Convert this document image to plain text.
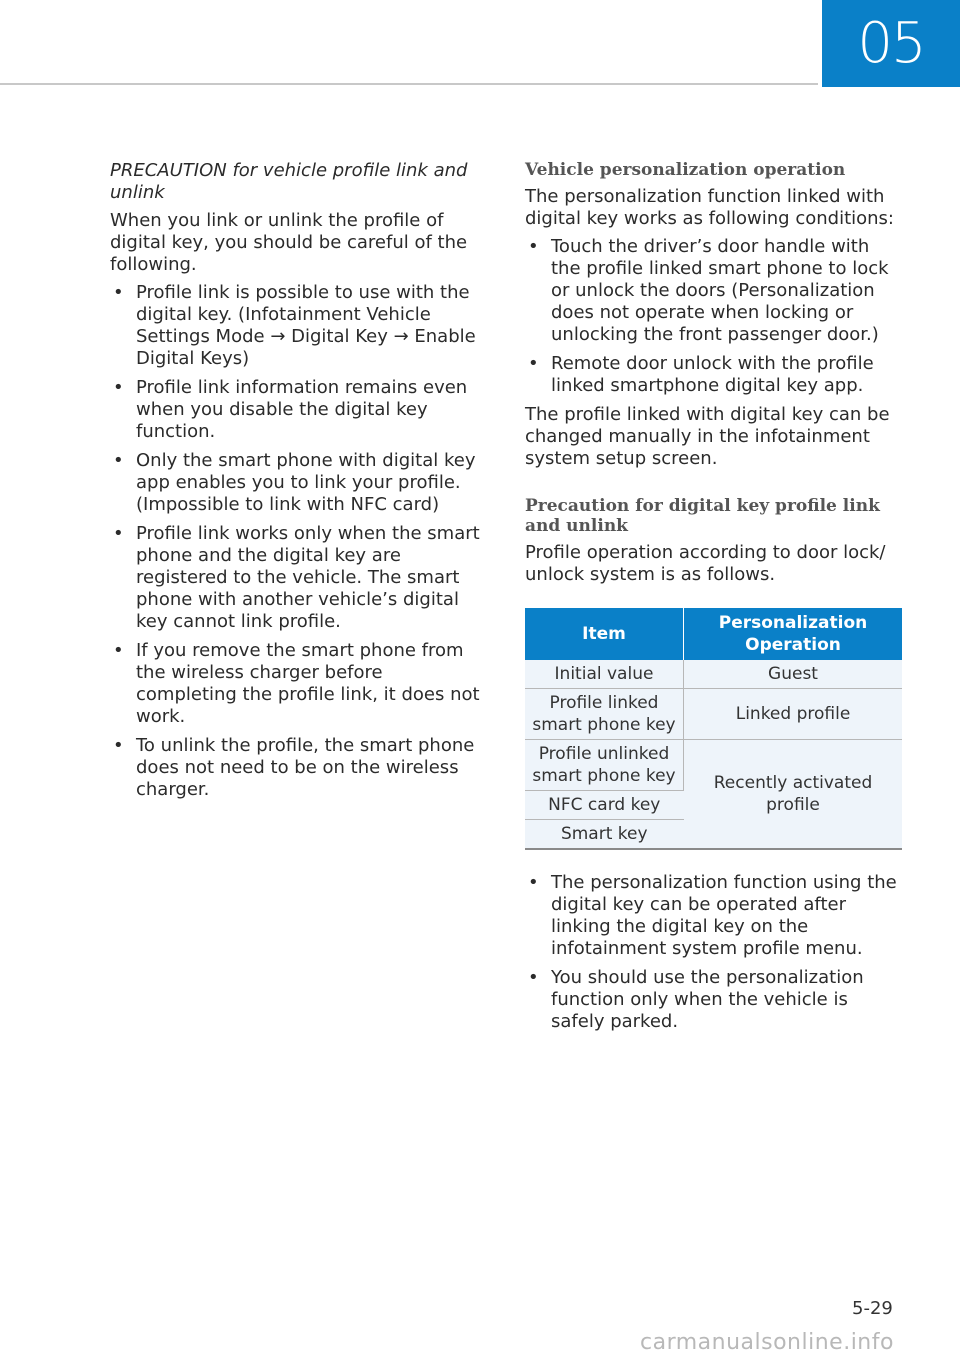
05
PRECAUTION for vehicle profile link and unlink

When you link or unlink the profile of digital key, you should be careful of the following.

• Profile link is possible to use with the digital key. (Infotainment Vehicle Settings Mode → Digital Key → Enable Digital Keys)
• Profile link information remains even when you disable the digital key function.
• Only the smart phone with digital key app enables you to link your profile. (Impossible to link with NFC card)
• Profile link works only when the smart phone and the digital key are registered to the vehicle. The smart phone with another vehicle’s digital key cannot link profile.
• If you remove the smart phone from the wireless charger before completing the profile link, it does not work.
• To unlink the profile, the smart phone does not need to be on the wireless charger.
Vehicle personalization operation

The personalization function linked with digital key works as following conditions:

• Touch the driver’s door handle with the profile linked smart phone to lock or unlock the doors (Personalization does not operate when locking or unlocking the front passenger door.)
• Remote door unlock with the profile linked smartphone digital key app.

The profile linked with digital key can be changed manually in the infotainment system setup screen.

Precaution for digital key profile link and unlink

Profile operation according to door lock/ unlock system is as follows.

Item	Personalization Operation
Initial value	Guest
Profile linked smart phone key	Linked profile
Profile unlinked smart phone key	Recently activated profile
NFC card key	
Smart key	
• The personalization function using the digital key can be operated after linking the digital key on the infotainment system profile menu.
• You should use the personalization function only when the vehicle is safely parked.
5-29
carmanualsonline.info
